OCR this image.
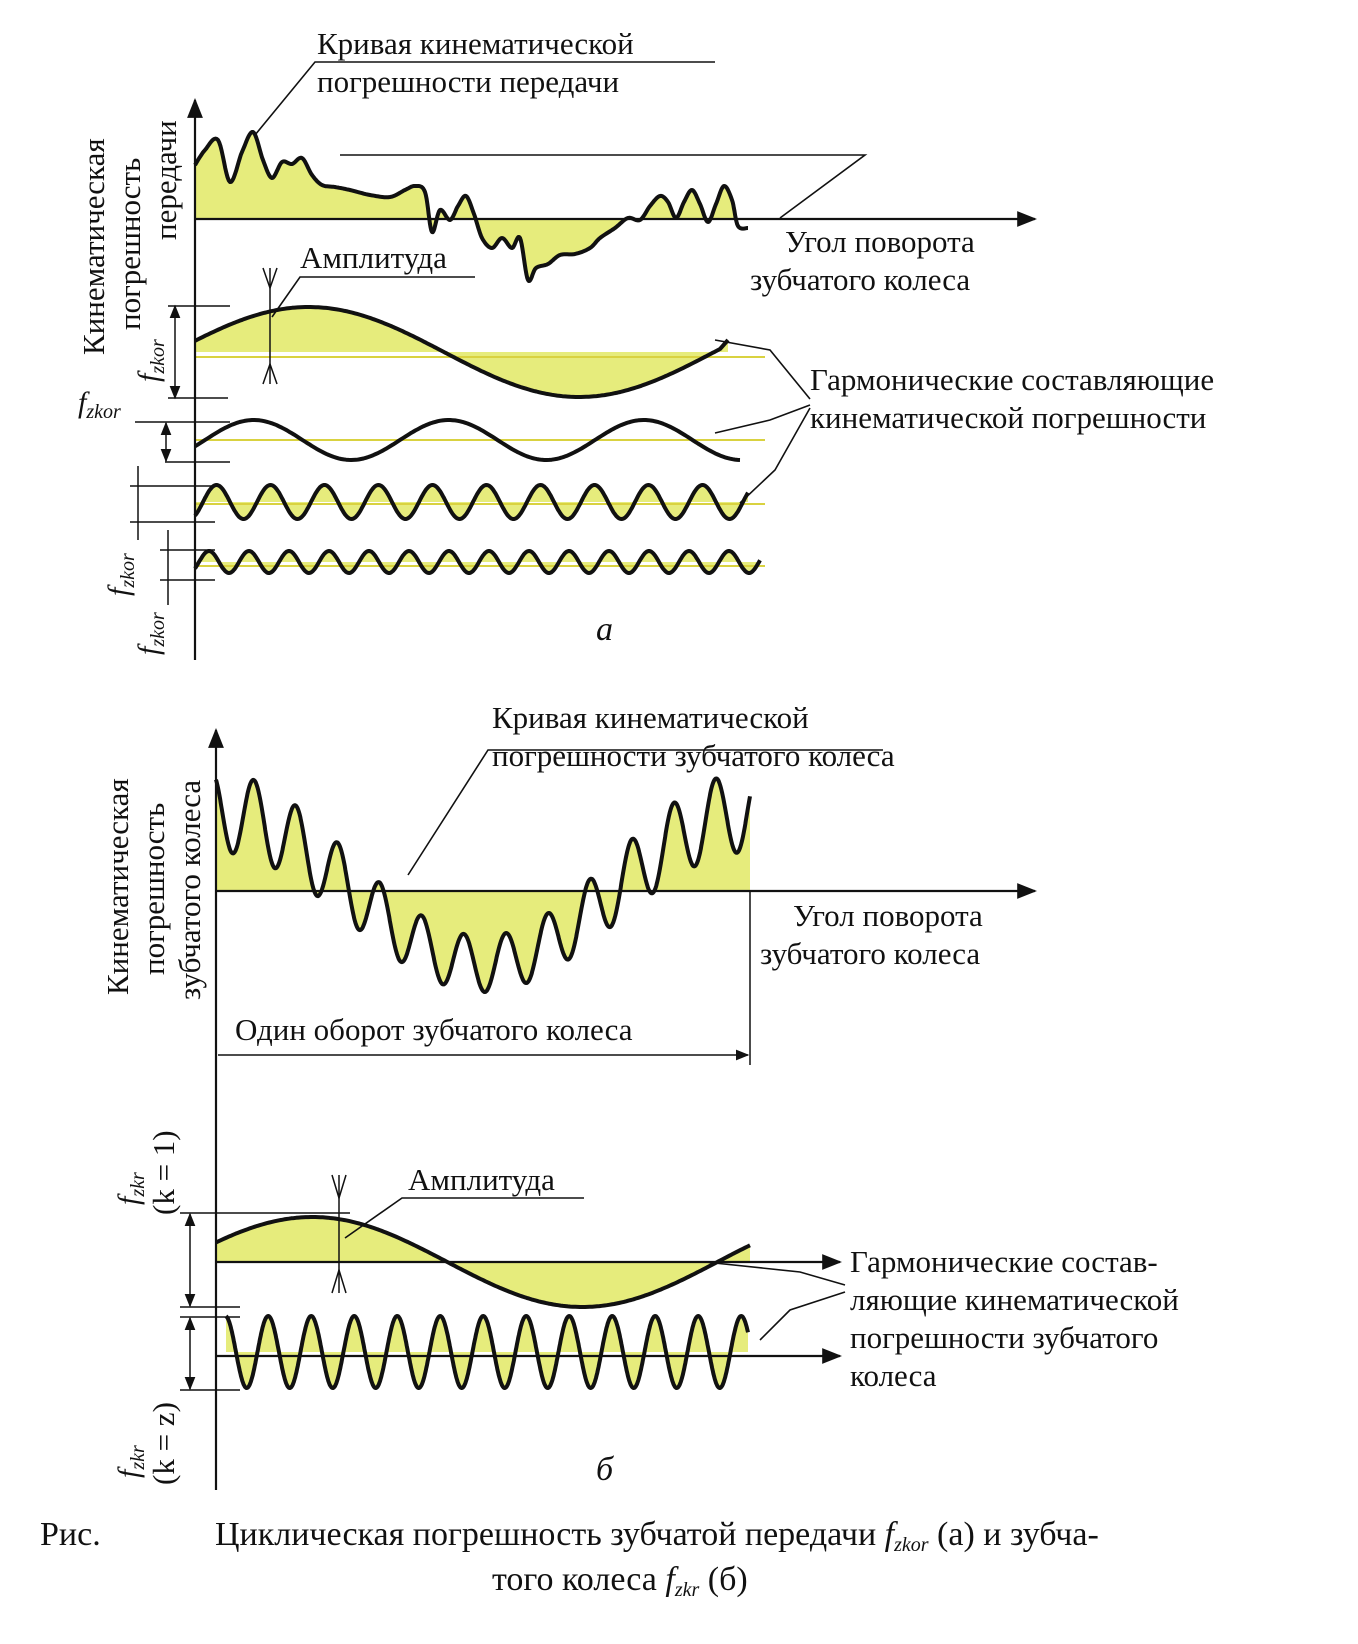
Кинематическая погрешность передачи
Кривая кинематической
погрешности передачи
Амплитуда	Угол поворота
зубчатого колеса
Гармонические составляющие
кинематической погрешности
fzkor
fzkor
fzkor
fzkor	а
Кинематическая погрешность зубчатого колеса
Кривая кинематической
погрешности зубчатого колеса
Угол поворота
зубчатого колеса
Один оборот зубчатого колеса
Амплитуда
Гармонические состав-
ляющие кинематической
погрешности зубчатого
колеса
fzkr
(k = 1)
fzkr
(k = z)	б
Рис.	Циклическая погрешность зубчатой передачи fzkor (а) и зубча-
того колеса fzkr (б)
